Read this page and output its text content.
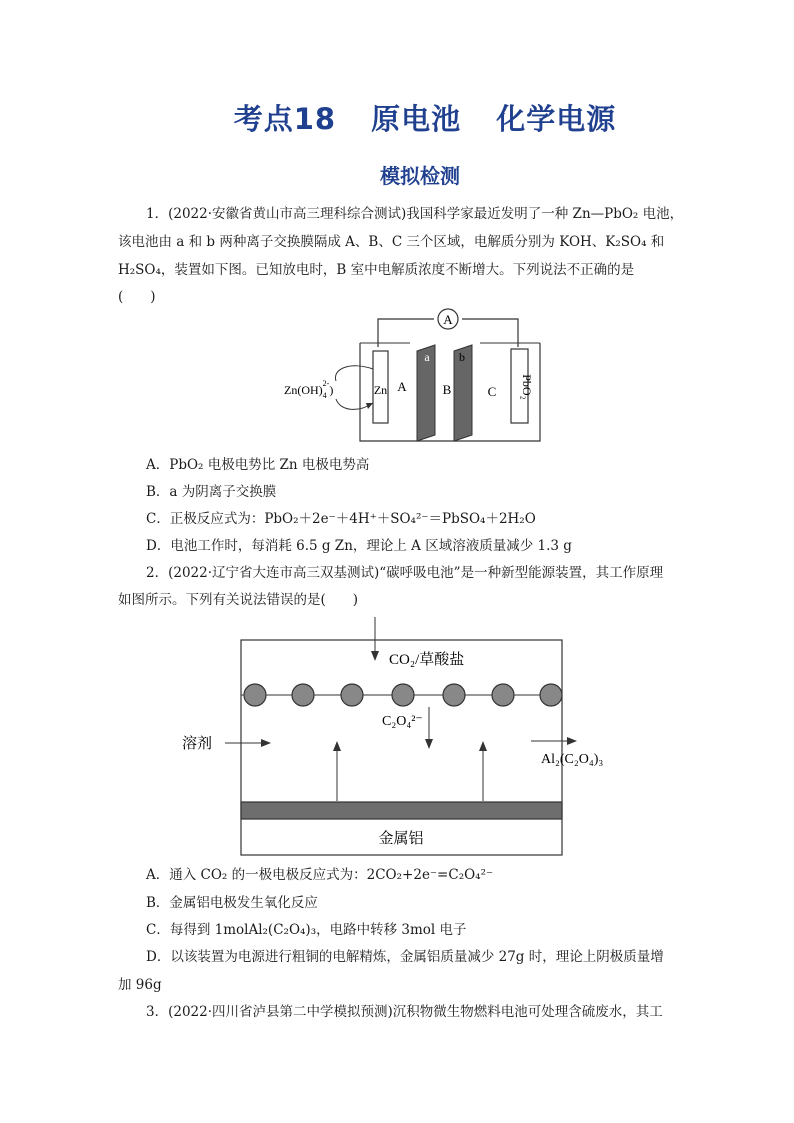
考点18 原电池 化学电源
模拟检测
1．(2022·安徽省黄山市高三理科综合测试)我国科学家最近发明了一种 Zn—PbO₂ 电池，
该电池由 a 和 b 两种离子交换膜隔成 A、B、C 三个区域，电解质分别为 KOH、K₂SO₄ 和
H₂SO₄，装置如下图。已知放电时，B 室中电解质浓度不断增大。下列说法不正确的是
(　　)
A
Zn
a b
A	B	C PbO₂
$Zn(OH)_42-$)
A．PbO₂ 电极电势比 Zn 电极电势高
B．a 为阴离子交换膜
C．正极反应式为：PbO₂＋2e⁻＋4H⁺＋SO₄²⁻＝PbSO₄＋2H₂O
D．电池工作时，每消耗 6.5 g Zn，理论上 A 区域溶液质量减少 1.3 g
2．(2022·辽宁省大连市高三双基测试)“碳呼吸电池”是一种新型能源装置，其工作原理
如图所示。下列有关说法错误的是(　　)
CO₂/草酸盐
C₂O₄²⁻
溶剂
Al₂(C₂O₄)₃
金属铝
A．通入 CO₂ 的一极电极反应式为：2CO₂+2e⁻=C₂O₄²⁻
B．金属铝电极发生氧化反应
C．每得到 1molAl₂(C₂O₄)₃，电路中转移 3mol 电子
D．以该装置为电源进行粗铜的电解精炼，金属铝质量减少 27g 时，理论上阴极质量增
加 96g
3．(2022·四川省泸县第二中学模拟预测)沉积物微生物燃料电池可处理含硫废水，其工
